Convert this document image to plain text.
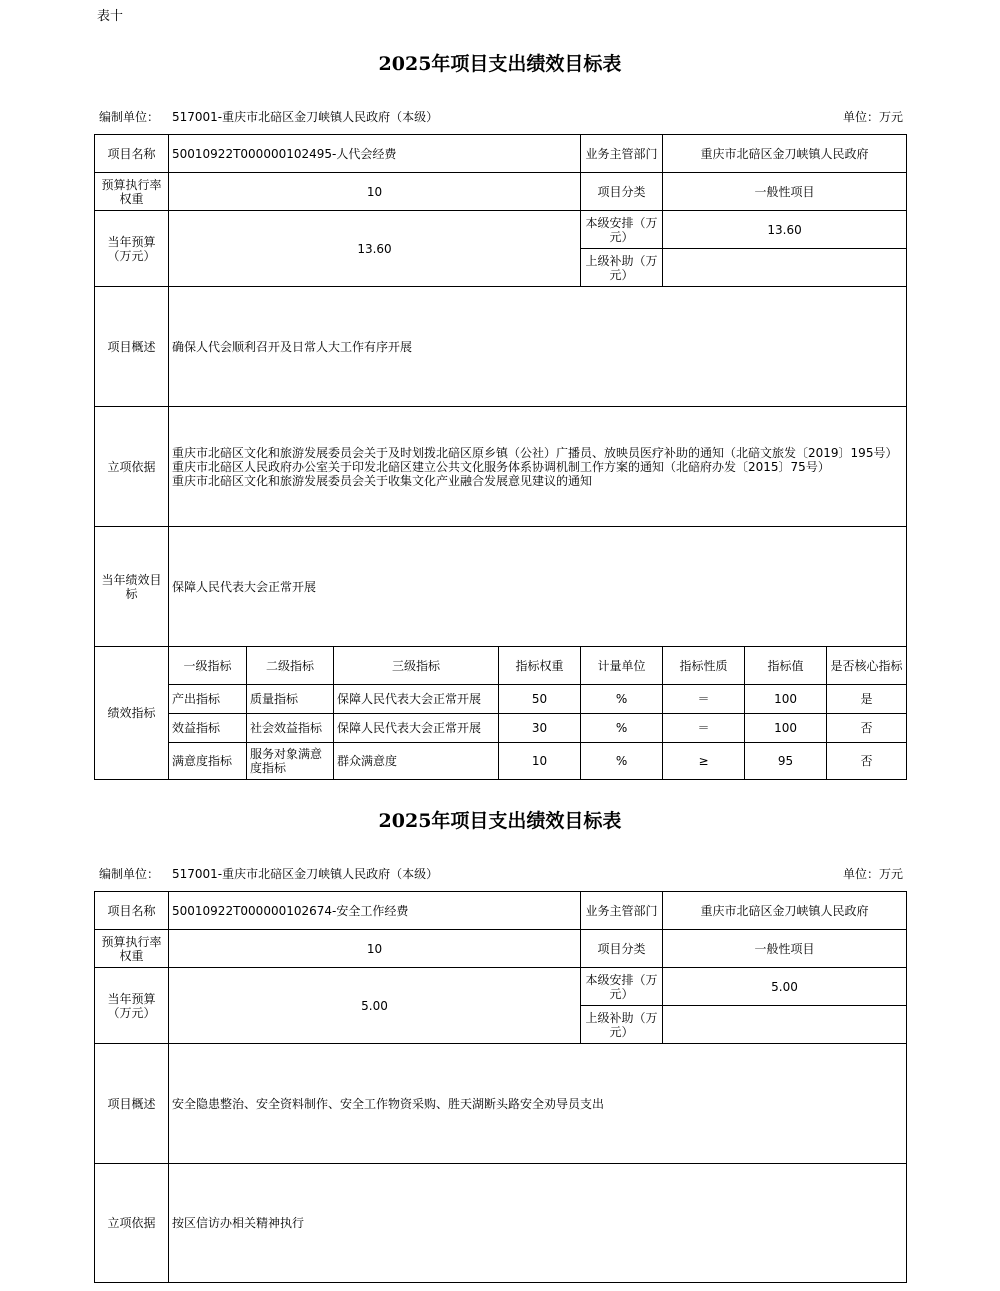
表十
2025年项目支出绩效目标表
编制单位： 517001-重庆市北碚区金刀峡镇人民政府（本级）	单位：万元
项目名称	50010922T000000102495-人代会经费				业务主管部门	重庆市北碚区金刀峡镇人民政府		
预算执行率权重	10				项目分类	一般性项目		
当年预算（万元）	13.60				本级安排（万元）	13.60		
					上级补助（万元）			
项目概述	确保人代会顺利召开及日常人大工作有序开展							
立项依据	重庆市北碚区文化和旅游发展委员会关于及时划拨北碚区原乡镇（公社）广播员、放映员医疗补助的通知（北碚文旅发〔2019〕195号）
重庆市北碚区人民政府办公室关于印发北碚区建立公共文化服务体系协调机制工作方案的通知（北碚府办发〔2015〕75号）
重庆市北碚区文化和旅游发展委员会关于收集文化产业融合发展意见建议的通知							

当年绩效目标	保障人民代表大会正常开展							
绩效指标	一级指标	二级指标	三级指标	指标权重	计量单位	指标性质	指标值	是否核心指标
	产出指标	质量指标	保障人民代表大会正常开展	50	%	＝	100	是
	效益指标	社会效益指标	保障人民代表大会正常开展	30	%	＝	100	否
	满意度指标	服务对象满意度指标	群众满意度	10	%	≥	95	否
2025年项目支出绩效目标表
编制单位： 517001-重庆市北碚区金刀峡镇人民政府（本级）	单位：万元
项目名称	50010922T000000102674-安全工作经费	业务主管部门	重庆市北碚区金刀峡镇人民政府
预算执行率权重	10	项目分类	一般性项目
当年预算（万元）	5.00	本级安排（万元）	5.00
		上级补助（万元）	
项目概述	安全隐患整治、安全资料制作、安全工作物资采购、胜天湖断头路安全劝导员支出		
立项依据	按区信访办相关精神执行		
